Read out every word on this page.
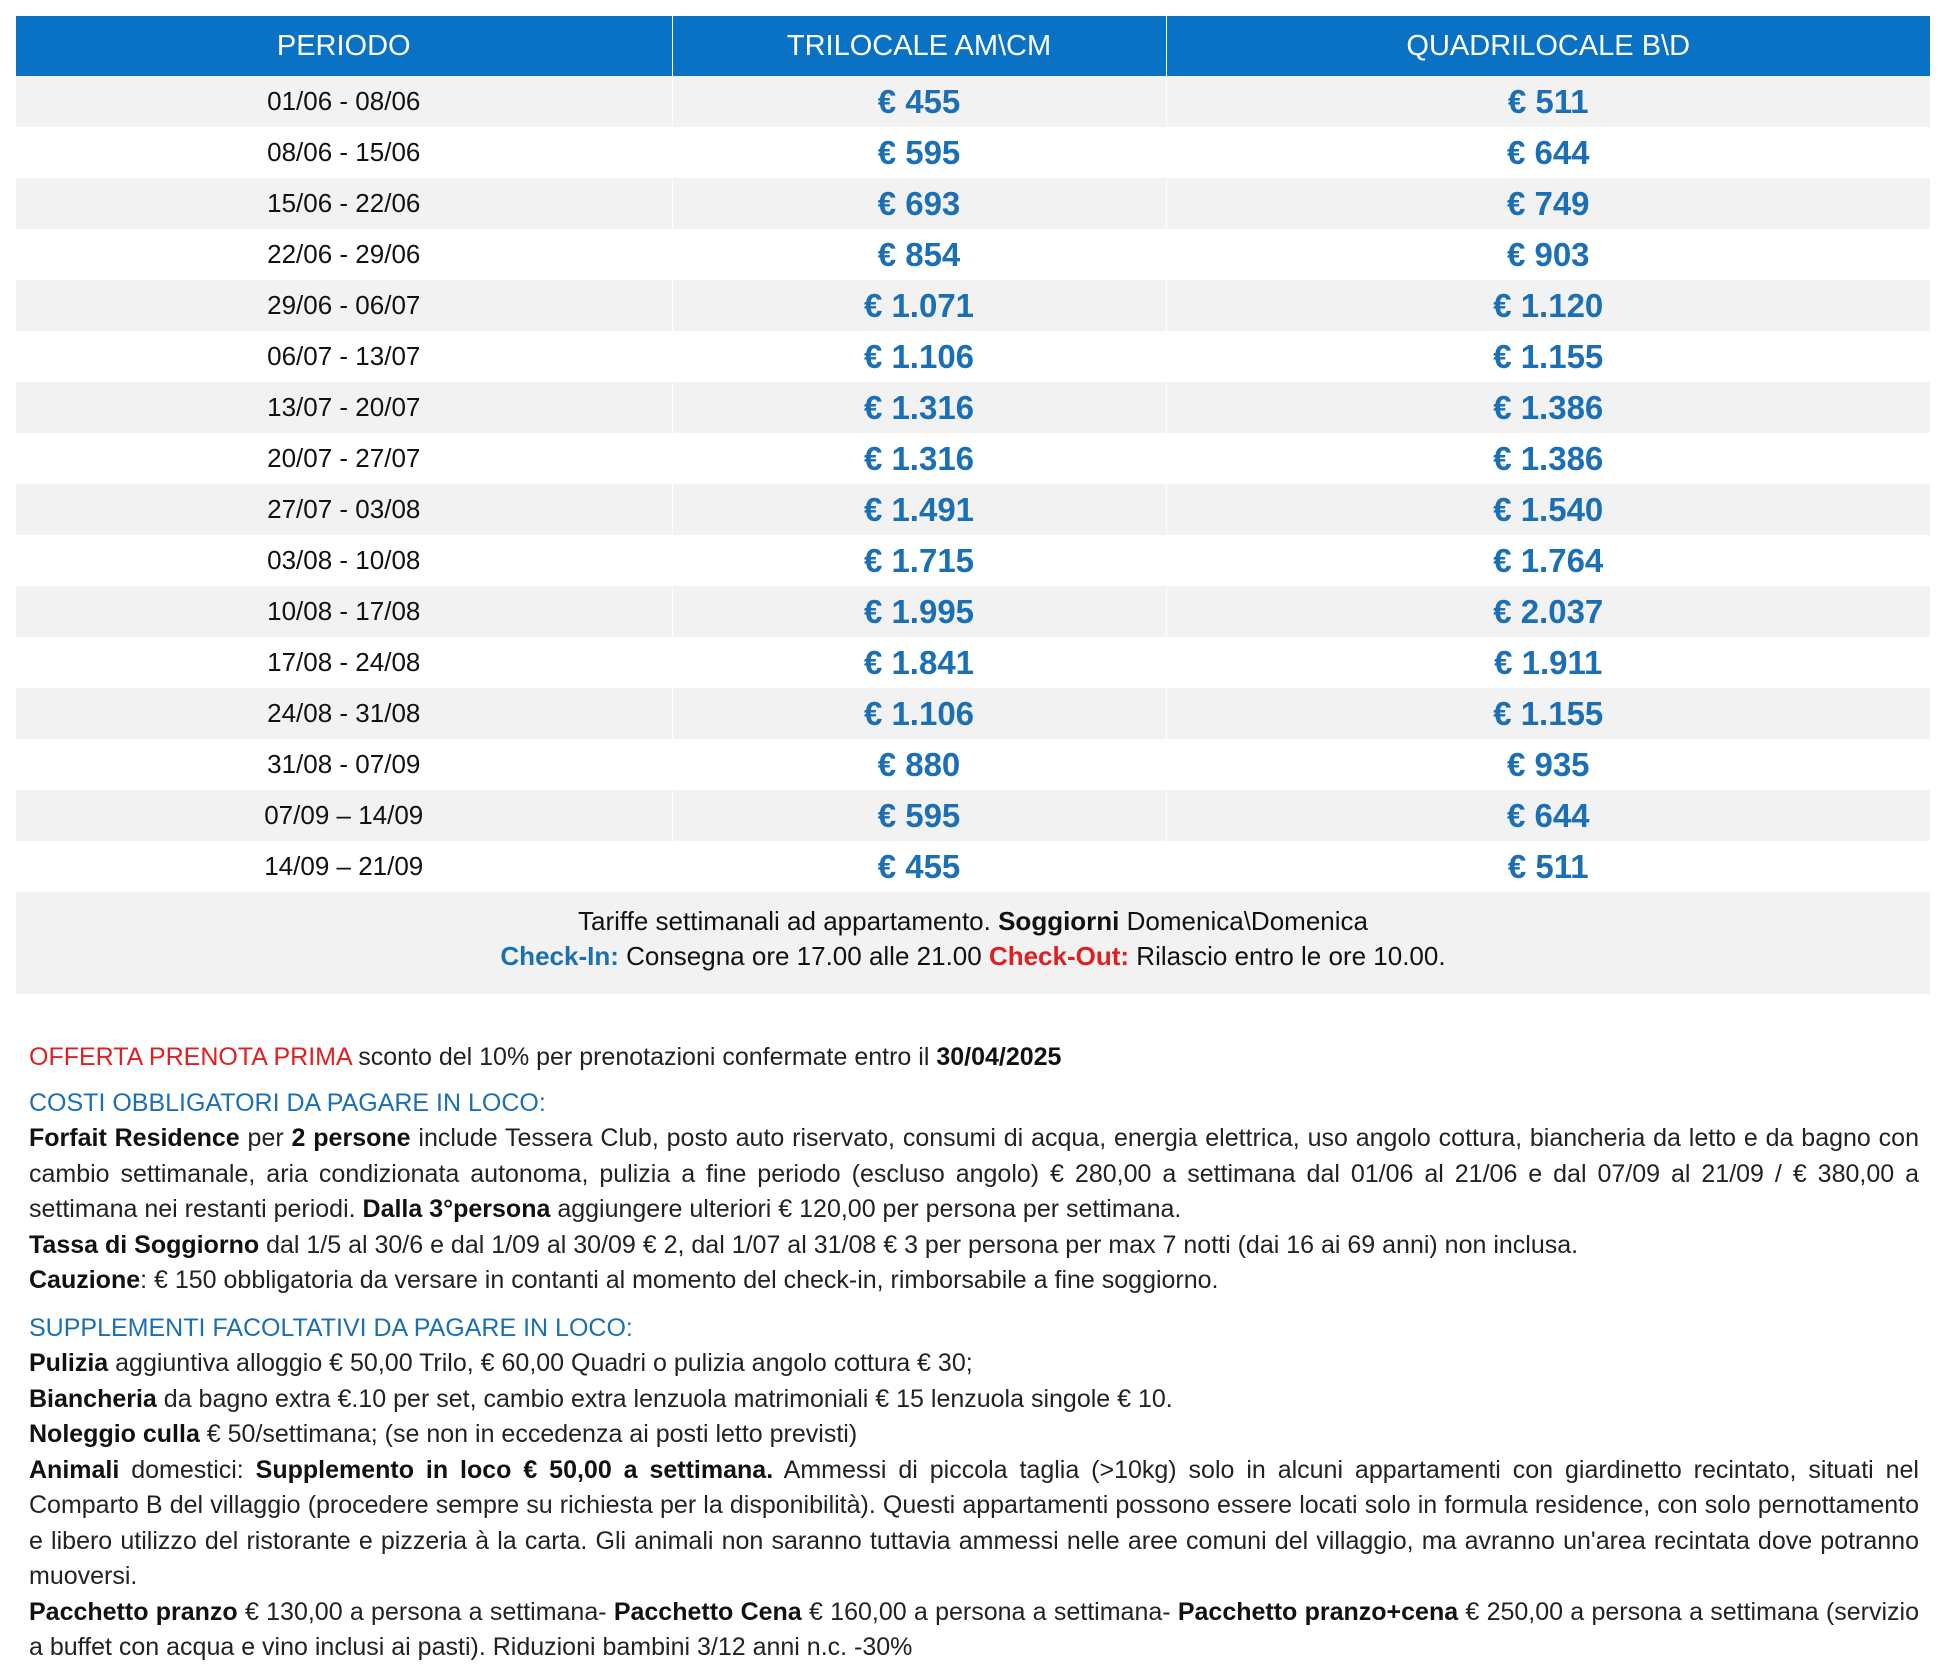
PERIODO	TRILOCALE AM\CM	QUADRILOCALE B\D
01/06 - 08/06	€ 455	€ 511
08/06 - 15/06	€ 595	€ 644
15/06 - 22/06	€ 693	€ 749
22/06 - 29/06	€ 854	€ 903
29/06 - 06/07	€ 1.071	€ 1.120
06/07 - 13/07	€ 1.106	€ 1.155
13/07 - 20/07	€ 1.316	€ 1.386
20/07 - 27/07	€ 1.316	€ 1.386
27/07 - 03/08	€ 1.491	€ 1.540
03/08 - 10/08	€ 1.715	€ 1.764
10/08 - 17/08	€ 1.995	€ 2.037
17/08 - 24/08	€ 1.841	€ 1.911
24/08 - 31/08	€ 1.106	€ 1.155
31/08 - 07/09	€ 880	€ 935
07/09 – 14/09	€ 595	€ 644
14/09 – 21/09	€ 455	€ 511
Tariffe settimanali ad appartamento. Soggiorni Domenica\Domenica
Check-In: Consegna ore 17.00 alle 21.00 Check-Out: Rilascio entro le ore 10.00.

OFFERTA PRENOTA PRIMA sconto del 10% per prenotazioni confermate entro il 30/04/2025

COSTI OBBLIGATORI DA PAGARE IN LOCO:

Forfait Residence per 2 persone include Tessera Club, posto auto riservato, consumi di acqua, energia elettrica, uso angolo cottura, biancheria da letto e da bagno con cambio settimanale, aria condizionata autonoma, pulizia a fine periodo (escluso angolo) € 280,00 a settimana dal 01/06 al 21/06 e dal 07/09 al 21/09 / € 380,00 a settimana nei restanti periodi. Dalla 3°persona aggiungere ulteriori € 120,00 per persona per settimana.

Tassa di Soggiorno dal 1/5 al 30/6 e dal 1/09 al 30/09 € 2, dal 1/07 al 31/08 € 3 per persona per max 7 notti (dai 16 ai 69 anni) non inclusa.

Cauzione: € 150 obbligatoria da versare in contanti al momento del check-in, rimborsabile a fine soggiorno.

SUPPLEMENTI FACOLTATIVI DA PAGARE IN LOCO:

Pulizia aggiuntiva alloggio € 50,00 Trilo, € 60,00 Quadri o pulizia angolo cottura € 30;

Biancheria da bagno extra €.10 per set, cambio extra lenzuola matrimoniali € 15 lenzuola singole € 10.

Noleggio culla € 50/settimana; (se non in eccedenza ai posti letto previsti)

Animali domestici: Supplemento in loco € 50,00 a settimana. Ammessi di piccola taglia (>10kg) solo in alcuni appartamenti con giardinetto recintato, situati nel Comparto B del villaggio (procedere sempre su richiesta per la disponibilità). Questi appartamenti possono essere locati solo in formula residence, con solo pernottamento e libero utilizzo del ristorante e pizzeria à la carta. Gli animali non saranno tuttavia ammessi nelle aree comuni del villaggio, ma avranno un'area recintata dove potranno muoversi.

Pacchetto pranzo € 130,00 a persona a settimana- Pacchetto Cena € 160,00 a persona a settimana- Pacchetto pranzo+cena € 250,00 a persona a settimana (servizio a buffet con acqua e vino inclusi ai pasti). Riduzioni bambini 3/12 anni n.c. -30%
